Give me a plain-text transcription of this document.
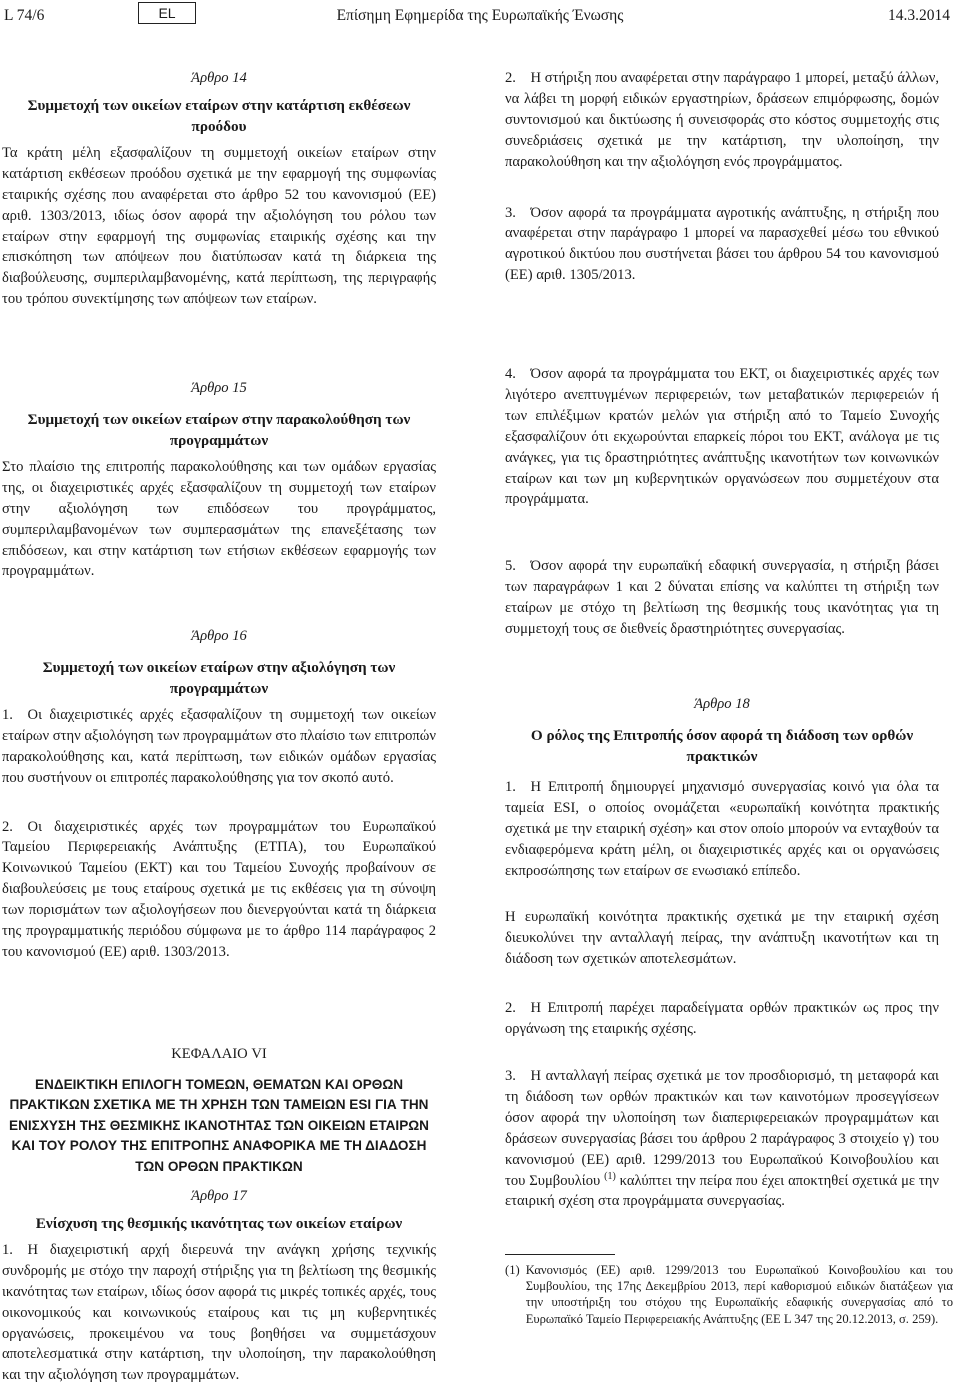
L 74/6	EL	Επίσημη Εφημερίδα της Ευρωπαϊκής Ένωσης	14.3.2014
Άρθρο 14
Συμμετοχή των οικείων εταίρων στην κατάρτιση εκθέσεων προόδου
Τα κράτη μέλη εξασφαλίζουν τη συμμετοχή οικείων εταίρων στην κατάρτιση εκθέσεων προόδου σχετικά με την εφαρμογή της συμφωνίας εταιρικής σχέσης που αναφέρεται στο άρθρο 52 του κανονισμού (ΕΕ) αριθ. 1303/2013, ιδίως όσον αφορά την αξιολόγηση του ρόλου των εταίρων στην εφαρμογή της συμφωνίας εταιρικής σχέσης και την επισκόπηση των απόψεων που διατύπωσαν κατά τη διάρκεια της διαβούλευσης, συμπεριλαμβανομένης, κατά περίπτωση, της περιγραφής του τρόπου συνεκτίμησης των απόψεων των εταίρων.
Άρθρο 15
Συμμετοχή των οικείων εταίρων στην παρακολούθηση των προγραμμάτων
Στο πλαίσιο της επιτροπής παρακολούθησης και των ομάδων εργασίας της, οι διαχειριστικές αρχές εξασφαλίζουν τη συμμετοχή των εταίρων στην αξιολόγηση των επιδόσεων του προγράμματος, συμπεριλαμβανομένων των συμπερασμάτων της επανεξέτασης των επιδόσεων, και στην κατάρτιση των ετήσιων εκθέσεων εφαρμογής των προγραμμάτων.
Άρθρο 16
Συμμετοχή των οικείων εταίρων στην αξιολόγηση των προγραμμάτων
1. Οι διαχειριστικές αρχές εξασφαλίζουν τη συμμετοχή των οικείων εταίρων στην αξιολόγηση των προγραμμάτων στο πλαίσιο των επιτροπών παρακολούθησης και, κατά περίπτωση, των ειδικών ομάδων εργασίας που συστήνουν οι επιτροπές παρακολούθησης για τον σκοπό αυτό.
2. Οι διαχειριστικές αρχές των προγραμμάτων του Ευρωπαϊκού Ταμείου Περιφερειακής Ανάπτυξης (ΕΤΠΑ), του Ευρωπαϊκού Κοινωνικού Ταμείου (ΕΚΤ) και του Ταμείου Συνοχής προβαίνουν σε διαβουλεύσεις με τους εταίρους σχετικά με τις εκθέσεις για τη σύνοψη των πορισμάτων των αξιολογήσεων που διενεργούνται κατά τη διάρκεια της προγραμματικής περιόδου σύμφωνα με το άρθρο 114 παράγραφος 2 του κανονισμού (ΕΕ) αριθ. 1303/2013.
ΚΕΦΑΛΑΙΟ VI
ΕΝΔΕΙΚΤΙΚΗ ΕΠΙΛΟΓΗ ΤΟΜΕΩΝ, ΘΕΜΑΤΩΝ ΚΑΙ ΟΡΘΩΝ ΠΡΑΚΤΙΚΩΝ ΣΧΕΤΙΚΑ ΜΕ ΤΗ ΧΡΗΣΗ ΤΩΝ ΤΑΜΕΙΩΝ ESI ΓΙΑ ΤΗΝ ΕΝΙΣΧΥΣΗ ΤΗΣ ΘΕΣΜΙΚΗΣ ΙΚΑΝΟΤΗΤΑΣ ΤΩΝ ΟΙΚΕΙΩΝ ΕΤΑΙΡΩΝ ΚΑΙ ΤΟΥ ΡΟΛΟΥ ΤΗΣ ΕΠΙΤΡΟΠΗΣ ΑΝΑΦΟΡΙΚΑ ΜΕ ΤΗ ΔΙΑΔΟΣΗ ΤΩΝ ΟΡΘΩΝ ΠΡΑΚΤΙΚΩΝ
Άρθρο 17
Ενίσχυση της θεσμικής ικανότητας των οικείων εταίρων
1. Η διαχειριστική αρχή διερευνά την ανάγκη χρήσης τεχνικής συνδρομής με στόχο την παροχή στήριξης για τη βελτίωση της θεσμικής ικανότητας των εταίρων, ιδίως όσον αφορά τις μικρές τοπικές αρχές, τους οικονομικούς και κοινωνικούς εταίρους και τις μη κυβερνητικές οργανώσεις, προκειμένου να τους βοηθήσει να συμμετάσχουν αποτελεσματικά στην κατάρτιση, την υλοποίηση, την παρακολούθηση και την αξιολόγηση των προγραμμάτων.
2. Η στήριξη που αναφέρεται στην παράγραφο 1 μπορεί, μεταξύ άλλων, να λάβει τη μορφή ειδικών εργαστηρίων, δράσεων επιμόρφωσης, δομών συντονισμού και δικτύωσης ή συνεισφοράς στο κόστος συμμετοχής στις συνεδριάσεις σχετικά με την κατάρτιση, την υλοποίηση, την παρακολούθηση και την αξιολόγηση ενός προγράμματος.
3. Όσον αφορά τα προγράμματα αγροτικής ανάπτυξης, η στήριξη που αναφέρεται στην παράγραφο 1 μπορεί να παρασχεθεί μέσω του εθνικού αγροτικού δικτύου που συστήνεται βάσει του άρθρου 54 του κανονισμού (ΕΕ) αριθ. 1305/2013.
4. Όσον αφορά τα προγράμματα του ΕΚΤ, οι διαχειριστικές αρχές των λιγότερο ανεπτυγμένων περιφερειών, των μεταβατικών περιφερειών ή των επιλέξιμων κρατών μελών για στήριξη από το Ταμείο Συνοχής εξασφαλίζουν ότι εκχωρούνται επαρκείς πόροι του ΕΚΤ, ανάλογα με τις ανάγκες, για τις δραστηριότητες ανάπτυξης ικανοτήτων των κοινωνικών εταίρων και των μη κυβερνητικών οργανώσεων που συμμετέχουν στα προγράμματα.
5. Όσον αφορά την ευρωπαϊκή εδαφική συνεργασία, η στήριξη βάσει των παραγράφων 1 και 2 δύναται επίσης να καλύπτει τη στήριξη των εταίρων με στόχο τη βελτίωση της θεσμικής τους ικανότητας για τη συμμετοχή τους σε διεθνείς δραστηριότητες συνεργασίας.
Άρθρο 18
Ο ρόλος της Επιτροπής όσον αφορά τη διάδοση των ορθών πρακτικών
1. Η Επιτροπή δημιουργεί μηχανισμό συνεργασίας κοινό για όλα τα ταμεία ESI, ο οποίος ονομάζεται «ευρωπαϊκή κοινότητα πρακτικής σχετικά με την εταιρική σχέση» και στον οποίο μπορούν να ενταχθούν τα ενδιαφερόμενα κράτη μέλη, οι διαχειριστικές αρχές και οι οργανώσεις εκπροσώπησης των εταίρων σε ενωσιακό επίπεδο.
Η ευρωπαϊκή κοινότητα πρακτικής σχετικά με την εταιρική σχέση διευκολύνει την ανταλλαγή πείρας, την ανάπτυξη ικανοτήτων και τη διάδοση των σχετικών αποτελεσμάτων.
2. Η Επιτροπή παρέχει παραδείγματα ορθών πρακτικών ως προς την οργάνωση της εταιρικής σχέσης.
3. Η ανταλλαγή πείρας σχετικά με τον προσδιορισμό, τη μεταφορά και τη διάδοση των ορθών πρακτικών και των καινοτόμων προσεγγίσεων όσον αφορά την υλοποίηση των διαπεριφερειακών προγραμμάτων και δράσεων συνεργασίας βάσει του άρθρου 2 παράγραφος 3 στοιχείο γ) του κανονισμού (ΕΕ) αριθ. 1299/2013 του Ευρωπαϊκού Κοινοβουλίου και του Συμβουλίου $^{(1)}$ καλύπτει την πείρα που έχει αποκτηθεί σχετικά με την εταιρική σχέση στα προγράμματα συνεργασίας.
(1) Κανονισμός (ΕΕ) αριθ. 1299/2013 του Ευρωπαϊκού Κοινοβουλίου και του Συμβουλίου, της 17ης Δεκεμβρίου 2013, περί καθορισμού ειδικών διατάξεων για την υποστήριξη του στόχου της Ευρωπαϊκής εδαφικής συνεργασίας από το Ευρωπαϊκό Ταμείο Περιφερειακής Ανάπτυξης (ΕΕ L 347 της 20.12.2013, σ. 259).
